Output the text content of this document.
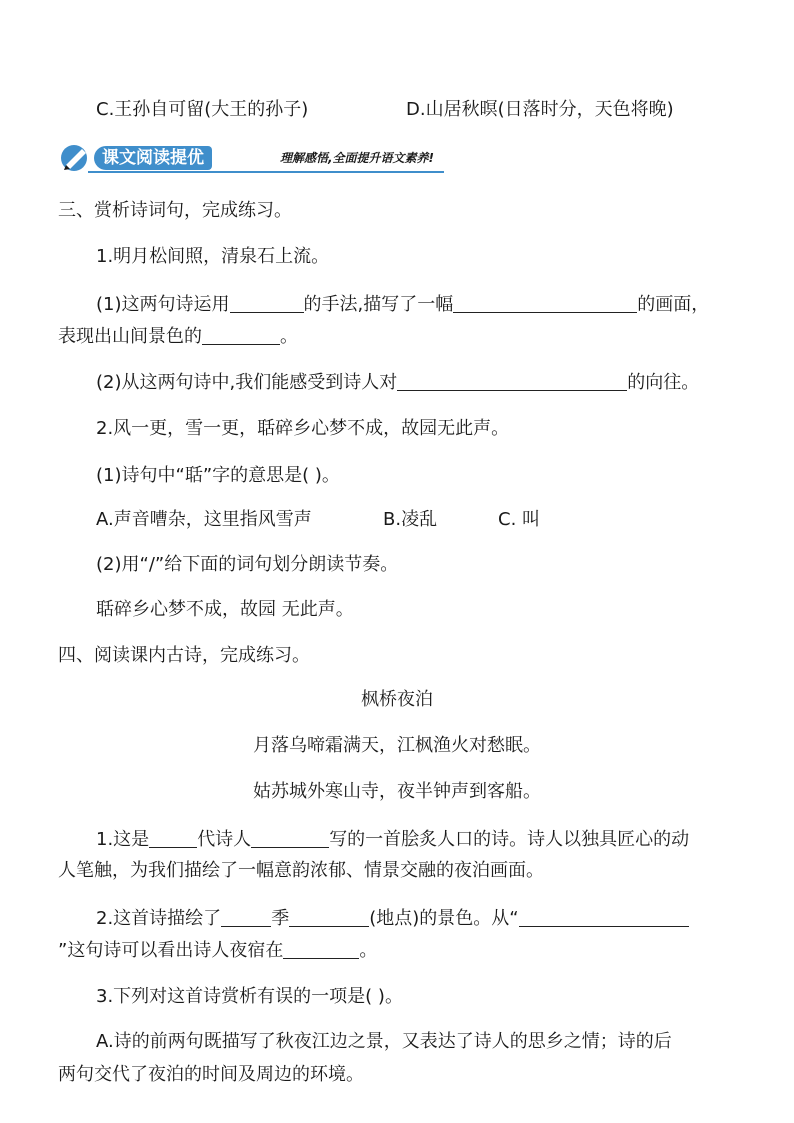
C.王孙自可留(大王的孙子)	D.山居秋暝(日落时分，天色将晚)
课文阅读提优	理解感悟,全面提升语文素养!
三、赏析诗词句，完成练习。
1.明月松间照，清泉石上流。
(1)这两句诗运用	的手法,描写了一幅	的画面，
表现出山间景色的	。
(2)从这两句诗中,我们能感受到诗人对	的向往。
2.风一更，雪一更，聒碎乡心梦不成，故园无此声。
(1)诗句中“聒”字的意思是( )。
A.声音嘈杂，这里指风雪声	B.凌乱	C. 叫
(2)用“/”给下面的词句划分朗读节奏。
聒碎乡心梦不成，故园 无此声。
四、阅读课内古诗，完成练习。
枫桥夜泊
月落乌啼霜满天，江枫渔火对愁眠。
姑苏城外寒山寺，夜半钟声到客船。
1.这是	代诗人	写的一首脍炙人口的诗。诗人以独具匠心的动
人笔触，为我们描绘了一幅意韵浓郁、情景交融的夜泊画面。
2.这首诗描绘了	季	(地点)的景色。从“
”这句诗可以看出诗人夜宿在	。
3.下列对这首诗赏析有误的一项是( )。
A.诗的前两句既描写了秋夜江边之景，又表达了诗人的思乡之情；诗的后
两句交代了夜泊的时间及周边的环境。
